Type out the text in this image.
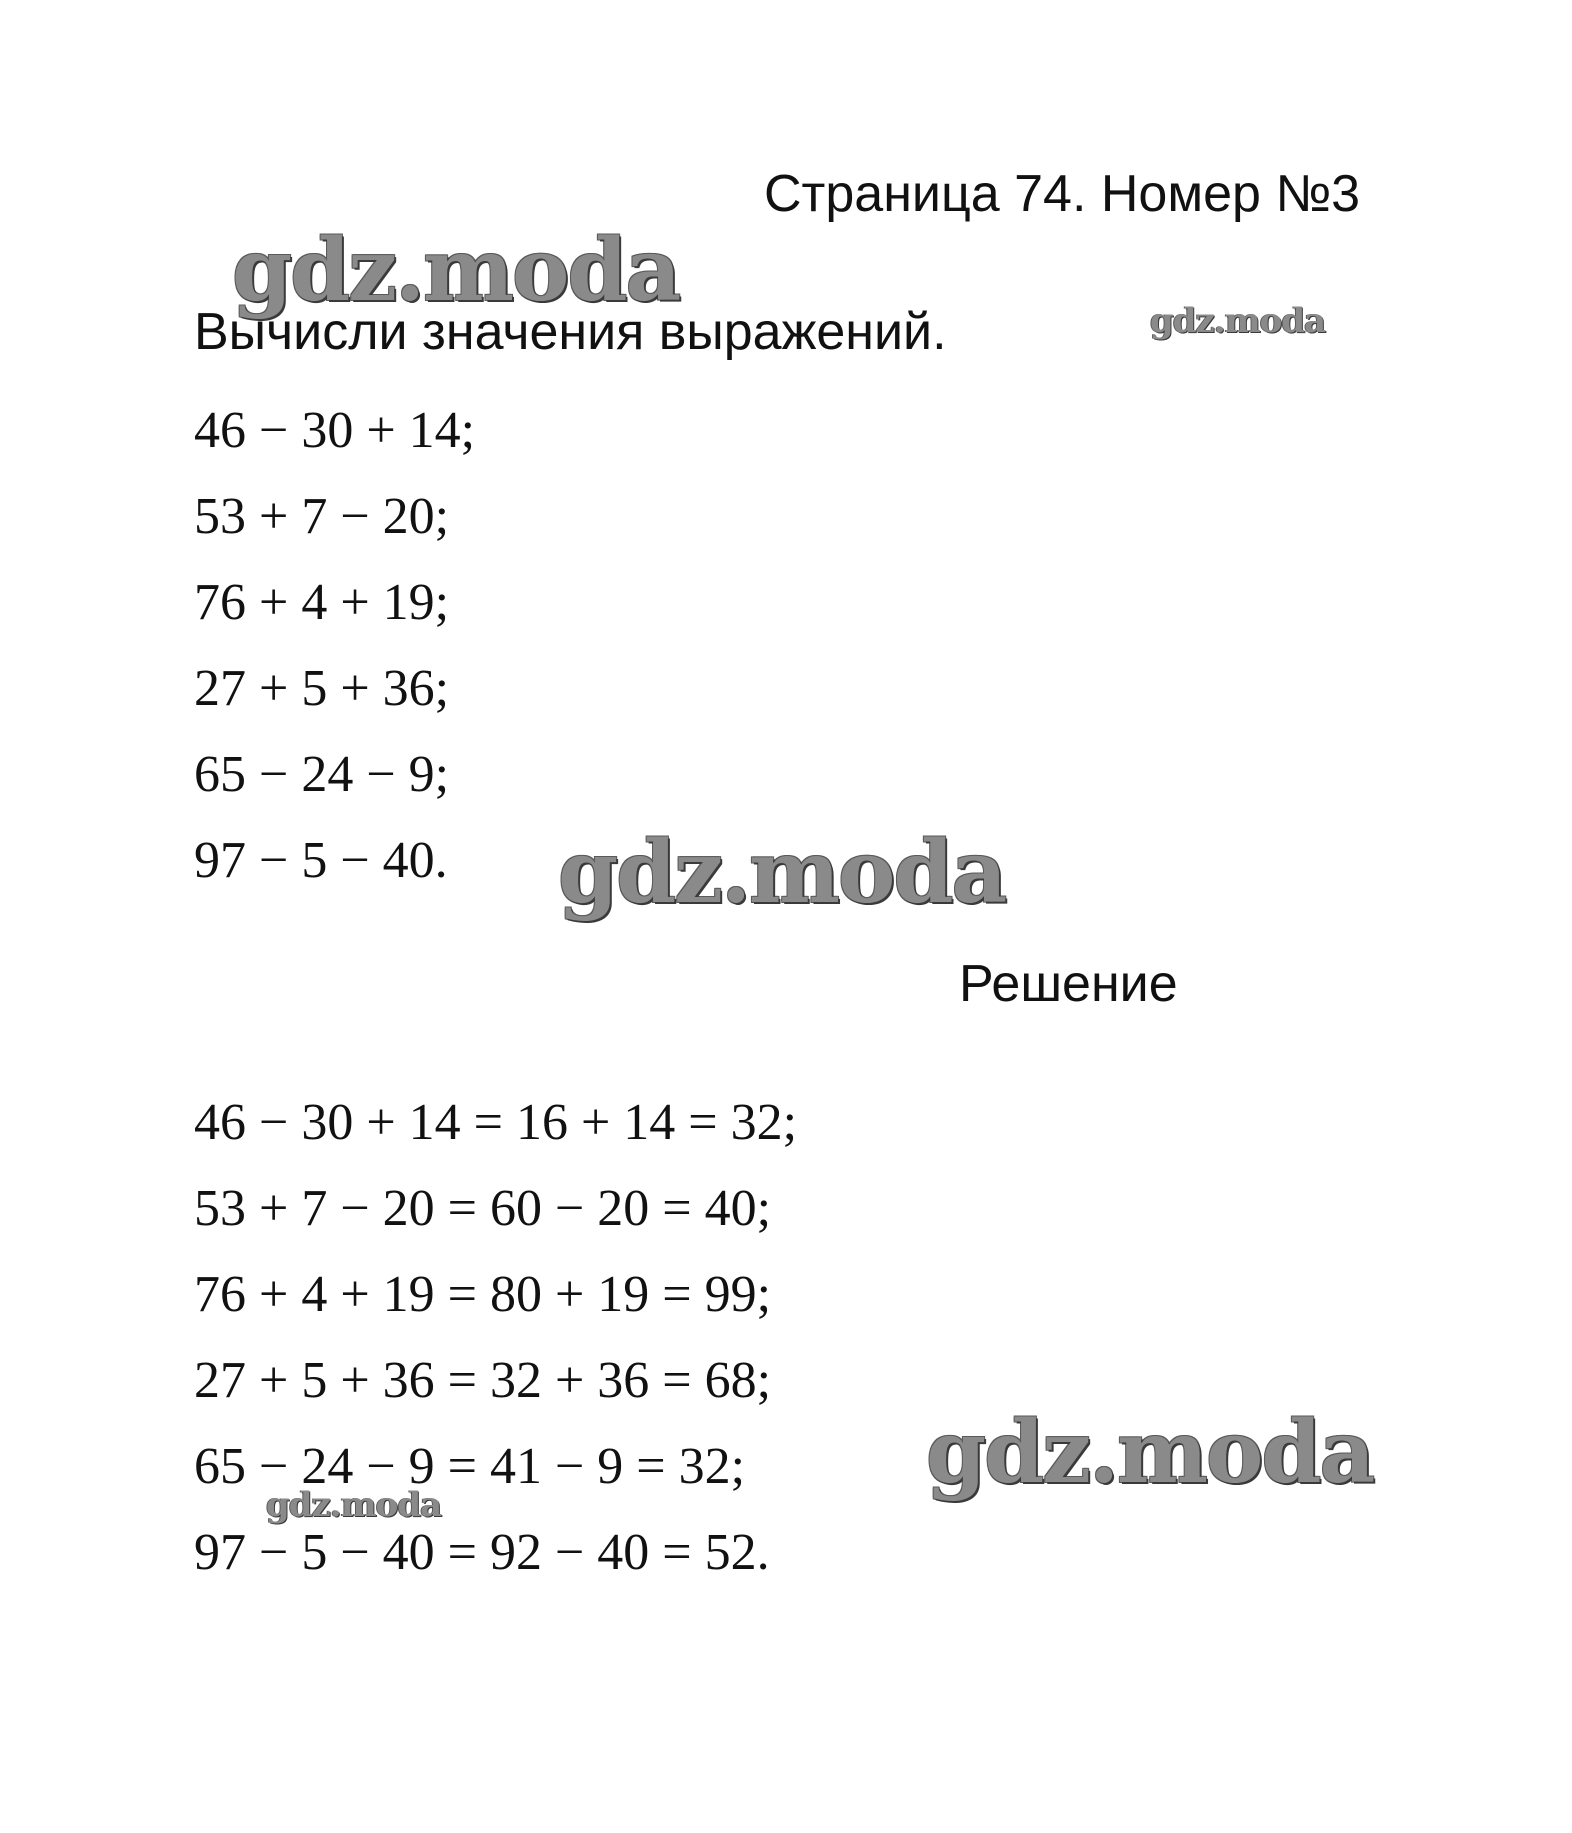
Страница 74. Номер №3
Вычисли значения выражений.
46 − 30 + 14;
53 + 7 − 20;
76 + 4 + 19;
27 + 5 + 36;
65 − 24 − 9;
97 − 5 − 40.
Решение
46 − 30 + 14 = 16 + 14 = 32;
53 + 7 − 20 = 60 − 20 = 40;
76 + 4 + 19 = 80 + 19 = 99;
27 + 5 + 36 = 32 + 36 = 68;
65 − 24 − 9 = 41 − 9 = 32;
97 − 5 − 40 = 92 − 40 = 52.
gdz.moda	gdz.moda
gdz.moda
gdz.moda
gdz.moda
